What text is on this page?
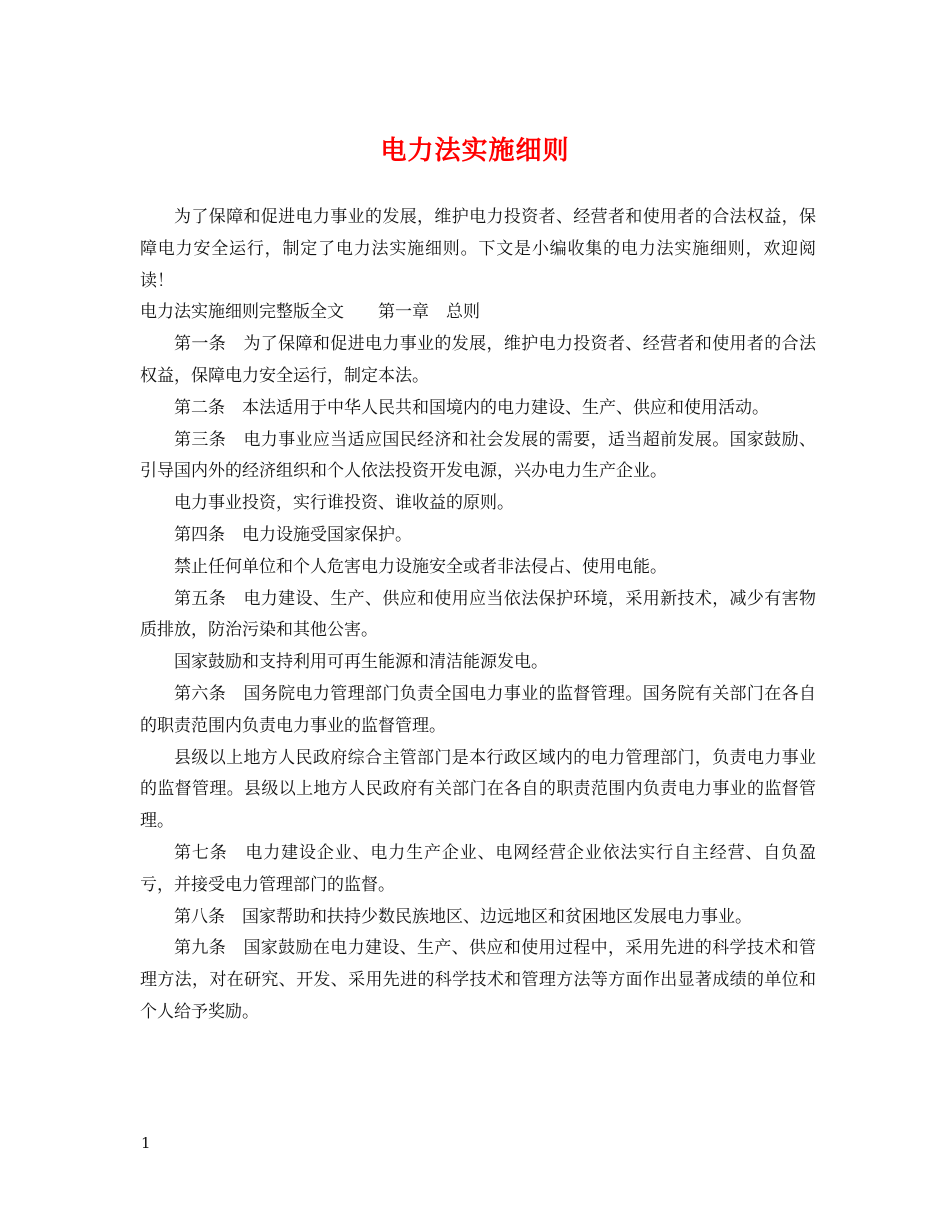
电力法实施细则

为了保障和促进电力事业的发展，维护电力投资者、经营者和使用者的合法权益，保障电力安全运行，制定了电力法实施细则。下文是小编收集的电力法实施细则，欢迎阅读！

电力法实施细则完整版全文　　第一章　总则

第一条　为了保障和促进电力事业的发展，维护电力投资者、经营者和使用者的合法权益，保障电力安全运行，制定本法。

第二条　本法适用于中华人民共和国境内的电力建设、生产、供应和使用活动。

第三条　电力事业应当适应国民经济和社会发展的需要，适当超前发展。国家鼓励、引导国内外的经济组织和个人依法投资开发电源，兴办电力生产企业。

电力事业投资，实行谁投资、谁收益的原则。

第四条　电力设施受国家保护。

禁止任何单位和个人危害电力设施安全或者非法侵占、使用电能。

第五条　电力建设、生产、供应和使用应当依法保护环境，采用新技术，减少有害物质排放，防治污染和其他公害。

国家鼓励和支持利用可再生能源和清洁能源发电。

第六条　国务院电力管理部门负责全国电力事业的监督管理。国务院有关部门在各自的职责范围内负责电力事业的监督管理。

县级以上地方人民政府综合主管部门是本行政区域内的电力管理部门，负责电力事业的监督管理。县级以上地方人民政府有关部门在各自的职责范围内负责电力事业的监督管理。

第七条　电力建设企业、电力生产企业、电网经营企业依法实行自主经营、自负盈亏，并接受电力管理部门的监督。

第八条　国家帮助和扶持少数民族地区、边远地区和贫困地区发展电力事业。

第九条　国家鼓励在电力建设、生产、供应和使用过程中，采用先进的科学技术和管理方法，对在研究、开发、采用先进的科学技术和管理方法等方面作出显著成绩的单位和个人给予奖励。

1
